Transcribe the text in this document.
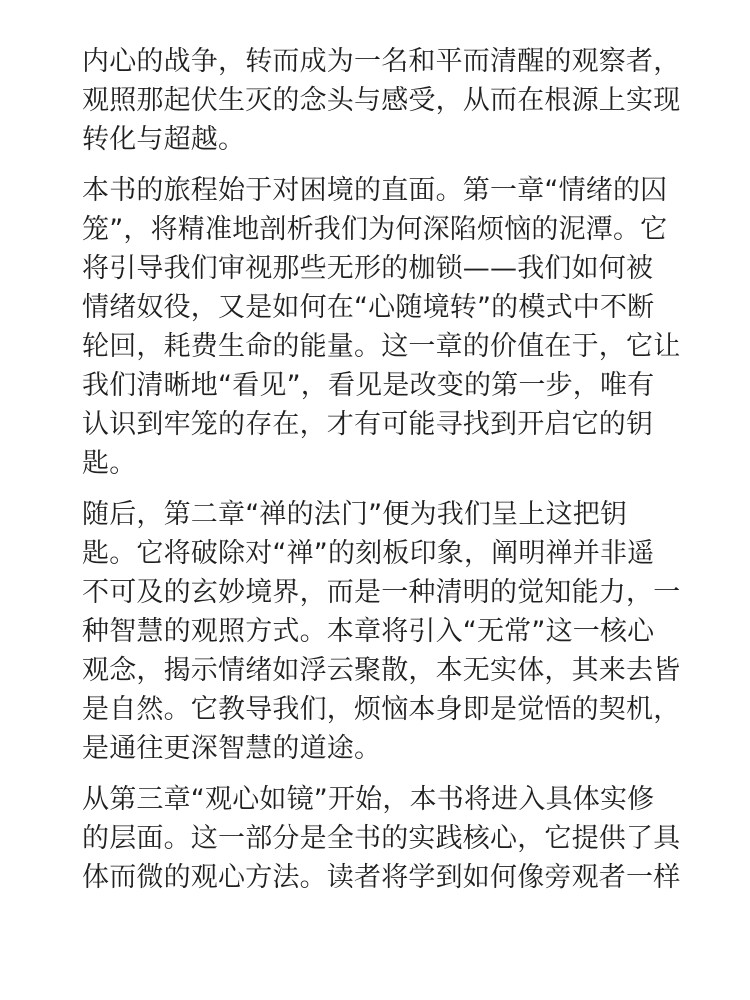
内心的战争，转而成为一名和平而清醒的观察者，
观照那起伏生灭的念头与感受，从而在根源上实现
转化与超越。
本书的旅程始于对困境的直面。第一章“情绪的囚
笼”，将精准地剖析我们为何深陷烦恼的泥潭。它
将引导我们审视那些无形的枷锁——我们如何被
情绪奴役，又是如何在“心随境转”的模式中不断
轮回，耗费生命的能量。这一章的价值在于，它让
我们清晰地“看见”，看见是改变的第一步，唯有
认识到牢笼的存在，才有可能寻找到开启它的钥
匙。
随后，第二章“禅的法门”便为我们呈上这把钥
匙。它将破除对“禅”的刻板印象，阐明禅并非遥
不可及的玄妙境界，而是一种清明的觉知能力，一
种智慧的观照方式。本章将引入“无常”这一核心
观念，揭示情绪如浮云聚散，本无实体，其来去皆
是自然。它教导我们，烦恼本身即是觉悟的契机，
是通往更深智慧的道途。
从第三章“观心如镜”开始，本书将进入具体实修
的层面。这一部分是全书的实践核心，它提供了具
体而微的观心方法。读者将学到如何像旁观者一样
